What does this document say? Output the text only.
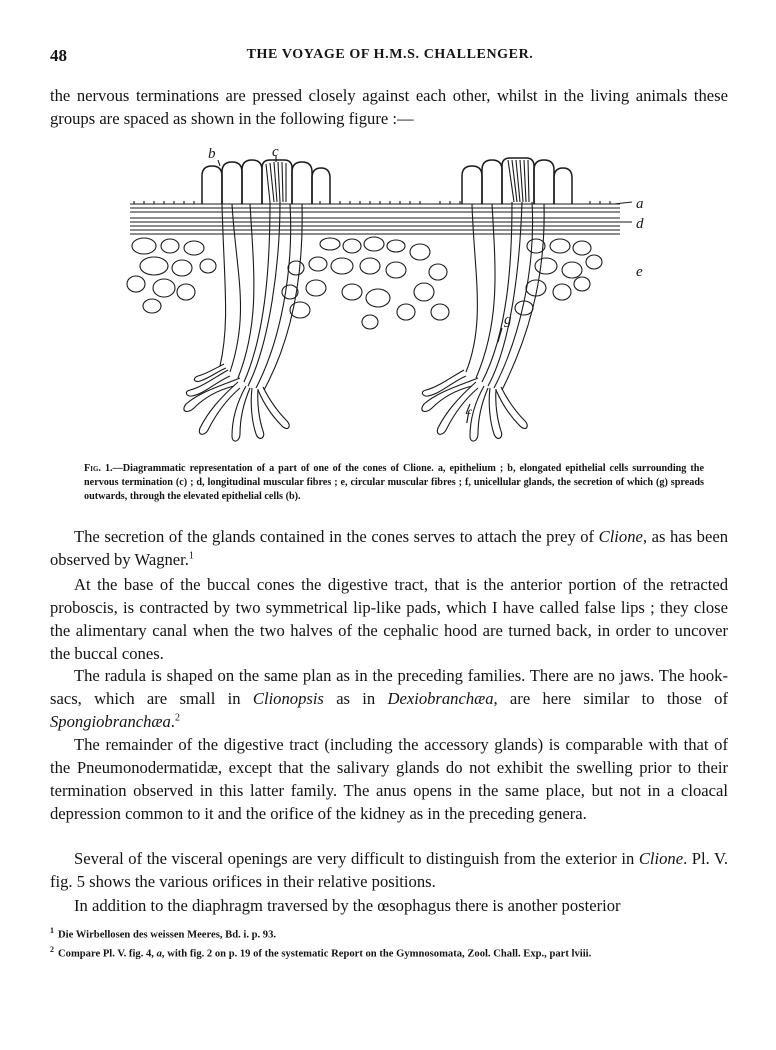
48	THE VOYAGE OF H.M.S. CHALLENGER.

the nervous terminations are pressed closely against each other, whilst in the living animals these groups are spaced as shown in the following figure :—

b	c
a
d
e
g
f

Fig. 1.—Diagrammatic representation of a part of one of the cones of Clione. a, epithelium ; b, elongated epithelial cells surrounding the nervous termination (c) ; d, longitudinal muscular fibres ; e, circular muscular fibres ; f, unicellular glands, the secretion of which (g) spreads outwards, through the elevated epithelial cells (b).

The secretion of the glands contained in the cones serves to attach the prey of Clione, as has been observed by Wagner.$^1$

At the base of the buccal cones the digestive tract, that is the anterior portion of the retracted proboscis, is contracted by two symmetrical lip-like pads, which I have called false lips ; they close the alimentary canal when the two halves of the cephalic hood are turned back, in order to uncover the buccal cones.

The radula is shaped on the same plan as in the preceding families. There are no jaws. The hook-sacs, which are small in Clionopsis as in Dexiobranchæa, are here similar to those of Spongiobranchæa.$^2$

The remainder of the digestive tract (including the accessory glands) is comparable with that of the Pneumonodermatidæ, except that the salivary glands do not exhibit the swelling prior to their termination observed in this latter family. The anus opens in the same place, but not in a cloacal depression common to it and the orifice of the kidney as in the preceding genera.

Several of the visceral openings are very difficult to distinguish from the exterior in Clione. Pl. V. fig. 5 shows the various orifices in their relative positions.

In addition to the diaphragm traversed by the œsophagus there is another posterior

$^1$ Die Wirbellosen des weissen Meeres, Bd. i. p. 93.

$^2$ Compare Pl. V. fig. 4, a, with fig. 2 on p. 19 of the systematic Report on the Gymnosomata, Zool. Chall. Exp., part lviii.
